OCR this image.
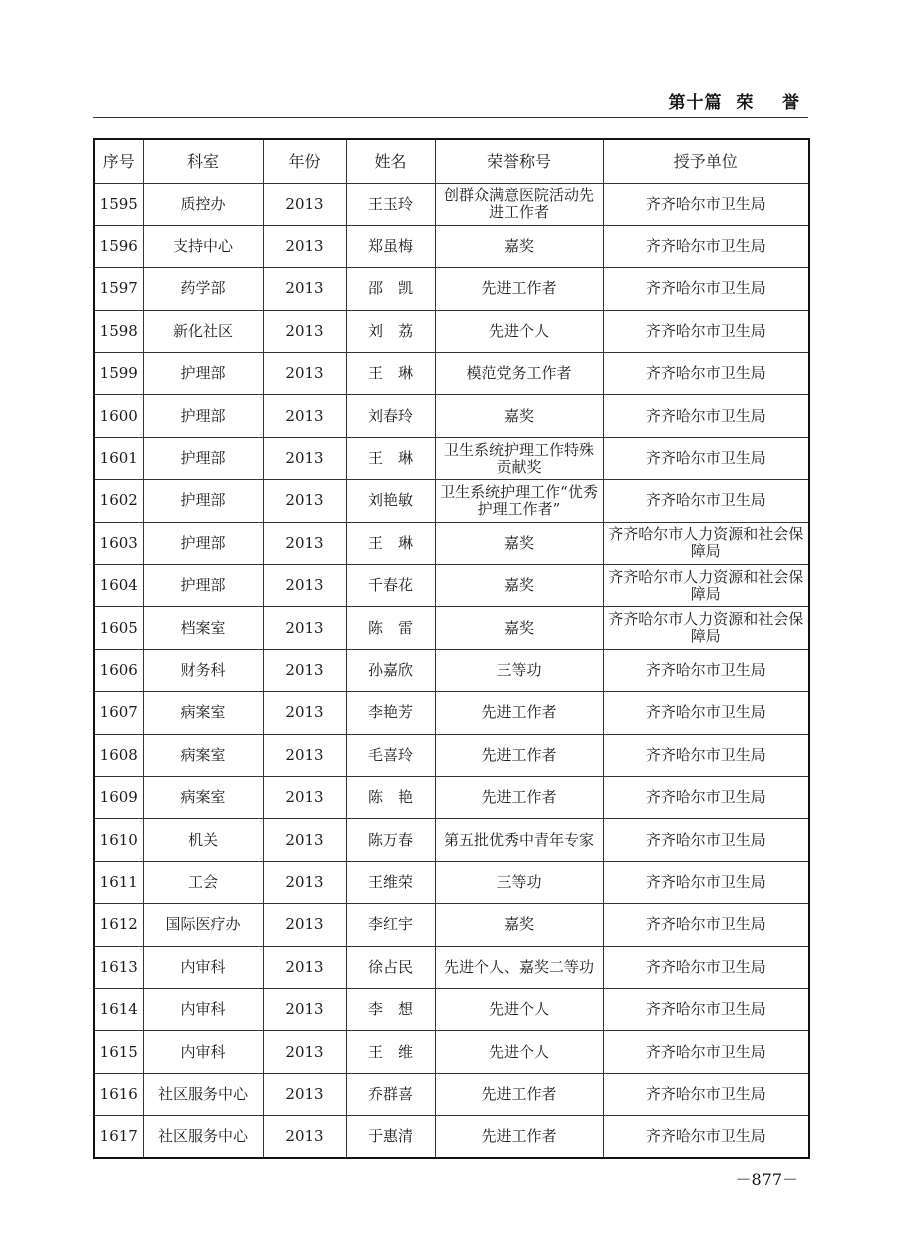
第十篇  荣    誉
序号	科室	年份	姓名	荣誉称号	授予单位
1595	质控办	2013	王玉玲	创群众满意医院活动先进工作者	齐齐哈尔市卫生局
1596	支持中心	2013	郑虽梅	嘉奖	齐齐哈尔市卫生局
1597	药学部	2013	邵　凯	先进工作者	齐齐哈尔市卫生局
1598	新化社区	2013	刘　荔	先进个人	齐齐哈尔市卫生局
1599	护理部	2013	王　琳	模范党务工作者	齐齐哈尔市卫生局
1600	护理部	2013	刘春玲	嘉奖	齐齐哈尔市卫生局
1601	护理部	2013	王　琳	卫生系统护理工作特殊贡献奖	齐齐哈尔市卫生局
1602	护理部	2013	刘艳敏	卫生系统护理工作“优秀护理工作者”	齐齐哈尔市卫生局
1603	护理部	2013	王　琳	嘉奖	齐齐哈尔市人力资源和社会保障局
1604	护理部	2013	千春花	嘉奖	齐齐哈尔市人力资源和社会保障局
1605	档案室	2013	陈　雷	嘉奖	齐齐哈尔市人力资源和社会保障局
1606	财务科	2013	孙嘉欣	三等功	齐齐哈尔市卫生局
1607	病案室	2013	李艳芳	先进工作者	齐齐哈尔市卫生局
1608	病案室	2013	毛喜玲	先进工作者	齐齐哈尔市卫生局
1609	病案室	2013	陈　艳	先进工作者	齐齐哈尔市卫生局
1610	机关	2013	陈万春	第五批优秀中青年专家	齐齐哈尔市卫生局
1611	工会	2013	王维荣	三等功	齐齐哈尔市卫生局
1612	国际医疗办	2013	李红宇	嘉奖	齐齐哈尔市卫生局
1613	内审科	2013	徐占民	先进个人、嘉奖二等功	齐齐哈尔市卫生局
1614	内审科	2013	李　想	先进个人	齐齐哈尔市卫生局
1615	内审科	2013	王　维	先进个人	齐齐哈尔市卫生局
1616	社区服务中心	2013	乔群喜	先进工作者	齐齐哈尔市卫生局
1617	社区服务中心	2013	于惠清	先进工作者	齐齐哈尔市卫生局
－877－
